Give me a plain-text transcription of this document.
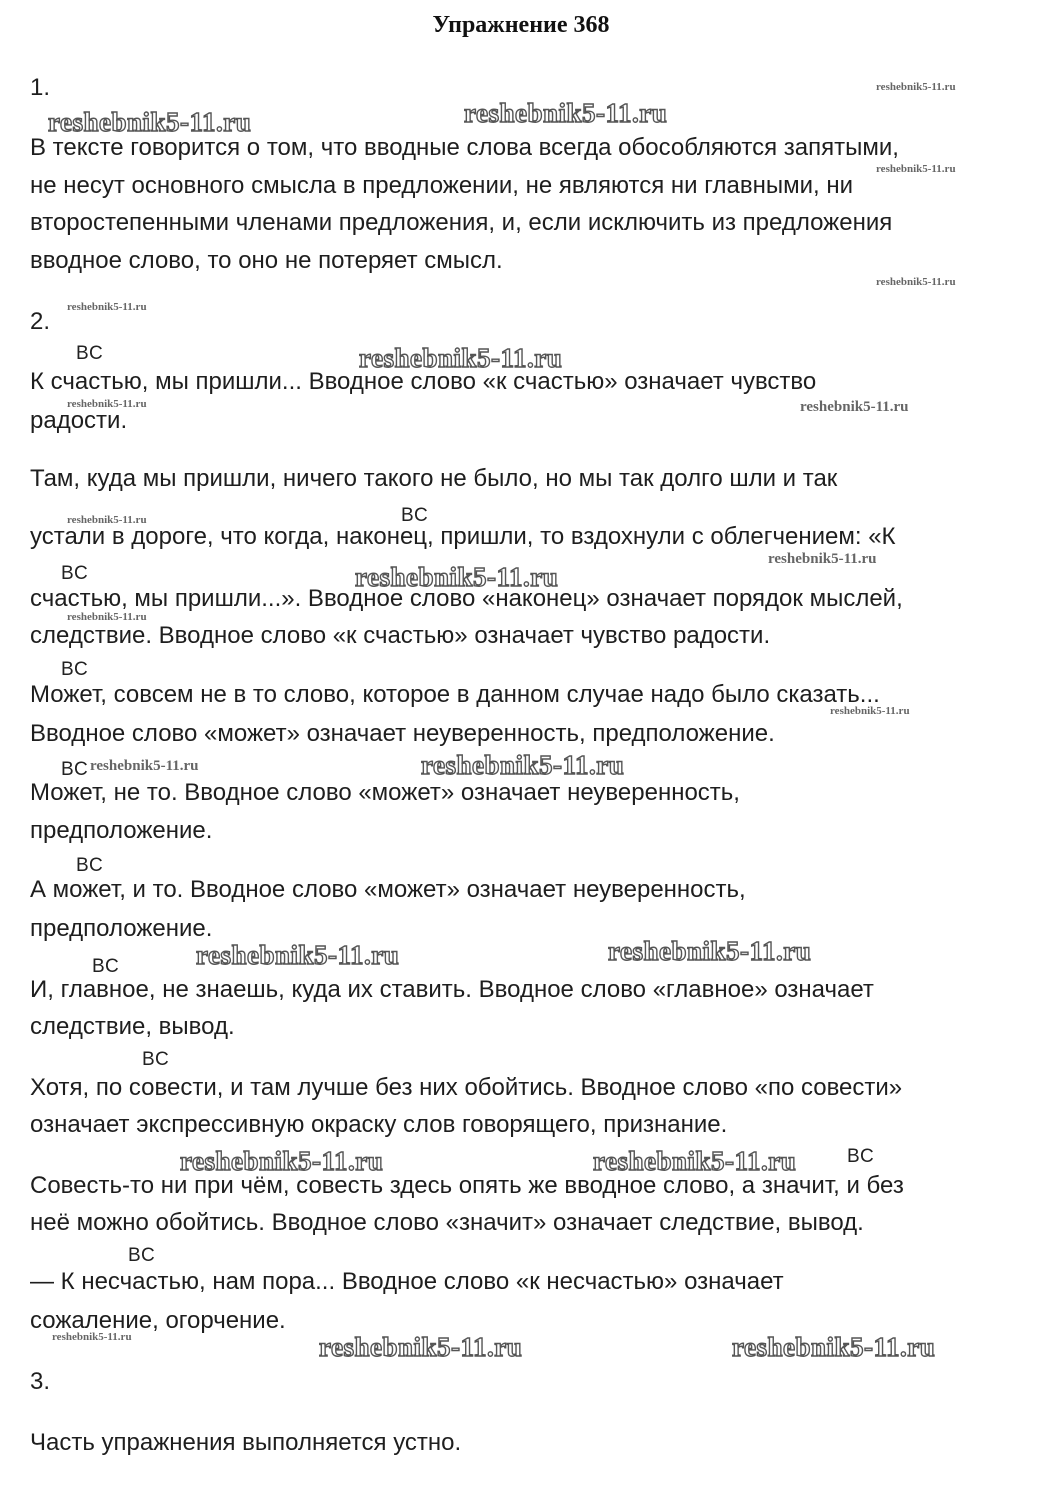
Упражнение 368
1.
В тексте говорится о том, что вводные слова всегда обособляются запятыми,
не несут основного смысла в предложении, не являются ни главными, ни
второстепенными членами предложения, и, если исключить из предложения
вводное слово, то оно не потеряет смысл.
2.
К счастью, мы пришли... Вводное слово «к счастью» означает чувство
радости.
Там, куда мы пришли, ничего такого не было, но мы так долго шли и так
устали в дороге, что когда, наконец, пришли, то вздохнули с облегчением: «К
счастью, мы пришли...». Вводное слово «наконец» означает порядок мыслей,
следствие. Вводное слово «к счастью» означает чувство радости.
Может, совсем не в то слово, которое в данном случае надо было сказать...
Вводное слово «может» означает неуверенность, предположение.
Может, не то. Вводное слово «может» означает неуверенность,
предположение.
А может, и то. Вводное слово «может» означает неуверенность,
предположение.
И, главное, не знаешь, куда их ставить. Вводное слово «главное» означает
следствие, вывод.
Хотя, по совести, и там лучше без них обойтись. Вводное слово «по совести»
означает экспрессивную окраску слов говорящего, признание.
Совесть-то ни при чём, совесть здесь опять же вводное слово, а значит, и без
неё можно обойтись. Вводное слово «значит» означает следствие, вывод.
— К несчастью, нам пора... Вводное слово «к несчастью» означает
сожаление, огорчение.
3.
Часть упражнения выполняется устно.
ВС
ВС
ВС
ВС
ВС
ВС
ВС
ВС
ВС
ВС
reshebnik5-11.ru	reshebnik5-11.ru
reshebnik5-11.ru
reshebnik5-11.ru
reshebnik5-11.ru
reshebnik5-11.ru	reshebnik5-11.ru
reshebnik5-11.ru	reshebnik5-11.ru
reshebnik5-11.ru	reshebnik5-11.ru
reshebnik5-11.ru
reshebnik5-11.ru
reshebnik5-11.ru
reshebnik5-11.ru
reshebnik5-11.ru	reshebnik5-11.ru
reshebnik5-11.ru
reshebnik5-11.ru
reshebnik5-11.ru
reshebnik5-11.ru
reshebnik5-11.ru
reshebnik5-11.ru
